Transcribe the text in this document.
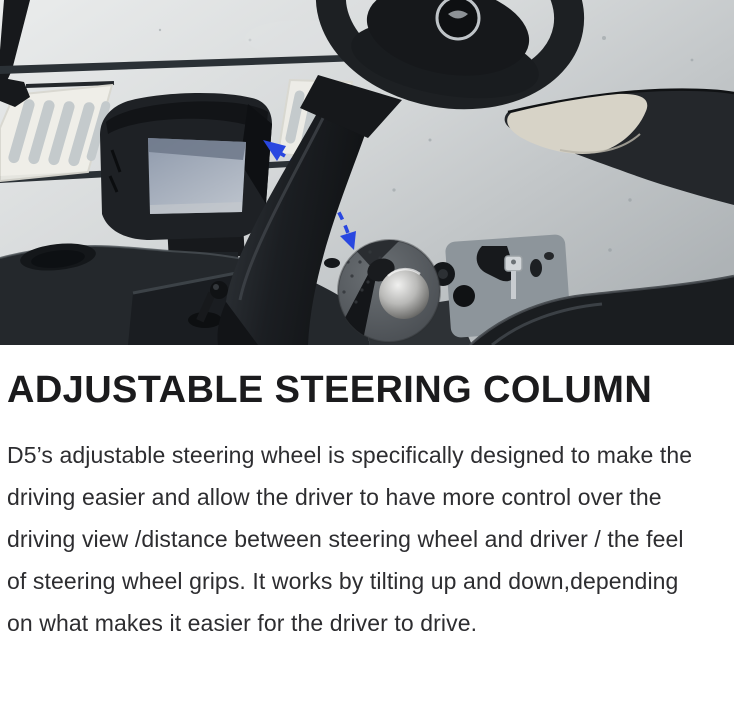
ADJUSTABLE STEERING COLUMN

D5’s adjustable steering wheel is specifically designed to make the driving easier and allow the driver to have more control over the driving view /distance between steering wheel and driver / the feel of steering wheel grips. It works by tilting up and down,depending on what makes it easier for the driver to drive.
